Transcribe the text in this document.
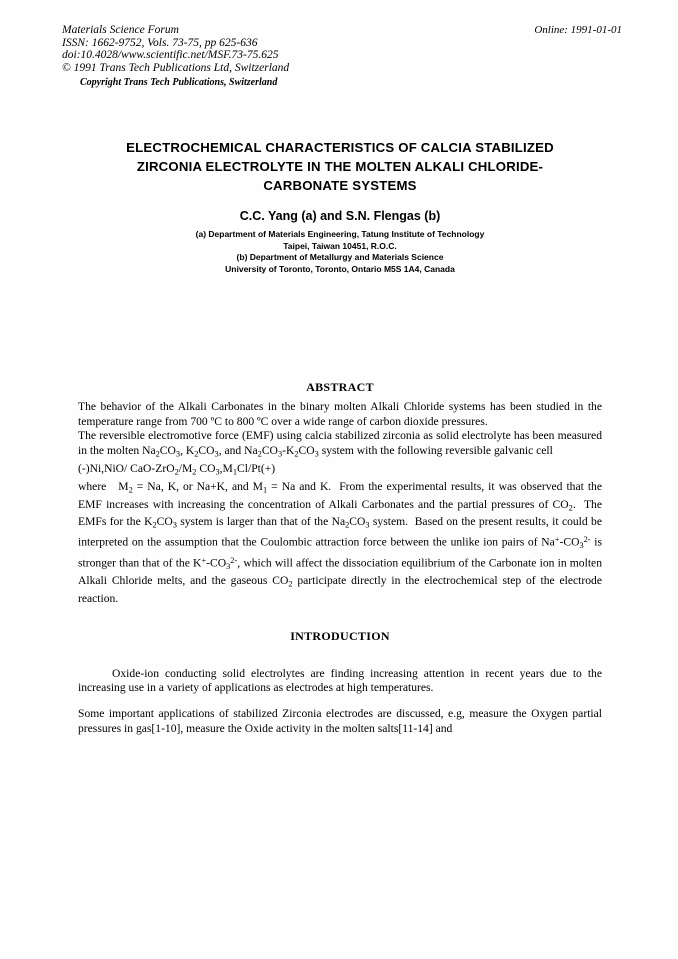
Online: 1991-01-01
Materials Science Forum
ISSN: 1662-9752, Vols. 73-75, pp 625-636
doi:10.4028/www.scientific.net/MSF.73-75.625
© 1991 Trans Tech Publications Ltd, Switzerland
Copyright Trans Tech Publications, Switzerland
ELECTROCHEMICAL CHARACTERISTICS OF CALCIA STABILIZED
ZIRCONIA ELECTROLYTE IN THE MOLTEN ALKALI CHLORIDE-
CARBONATE SYSTEMS
C.C. Yang (a) and S.N. Flengas (b)
(a) Department of Materials Engineering, Tatung Institute of Technology
Taipei, Taiwan 10451, R.O.C.
(b) Department of Metallurgy and Materials Science
University of Toronto, Toronto, Ontario M5S 1A4, Canada
ABSTRACT

The behavior of the Alkali Carbonates in the binary molten Alkali Chloride systems has been studied in the temperature range from 700 ºC to 800 ºC over a wide range of carbon dioxide pressures.

The reversible electromotive force (EMF) using calcia stabilized zirconia as solid electrolyte has been measured in the molten $Na_2CO_3$, $K_2CO_3$, and $Na_2CO_3-K_2CO_3$ system with the following reversible galvanic cell

(-)Ni,NiO/ CaO-$ZrO_2/M_2$ $CO_3,M_1Cl/Pt(+)$

where   $M_2 = Na$, K, or Na+K, and $M_1 = Na$ and K.  From the experimental results, it was observed that the EMF increases with increasing the concentration of Alkali Carbonates and the partial pressures of $CO_2$.  The EMFs for the $K_2CO_3$ system is larger than that of the $Na_2CO_3$ system.  Based on the present results, it could be interpreted on the assumption that the Coulombic attraction force between the unlike ion pairs of $Na^+-CO_3^{2-}$ is stronger than that of the $K^+-CO_3^{2-}$, which will affect the dissociation equilibrium of the Carbonate ion in molten Alkali Chloride melts, and the gaseous $CO_2$ participate directly in the electrochemical step of the electrode reaction.

INTRODUCTION

Oxide-ion conducting solid electrolytes are finding increasing attention in recent years due to the increasing use in a variety of applications as electrodes at high temperatures.

Some important applications of stabilized Zirconia electrodes are discussed, e.g, measure the Oxygen partial pressures in gas[1-10], measure the Oxide activity in the molten salts[11-14] and
